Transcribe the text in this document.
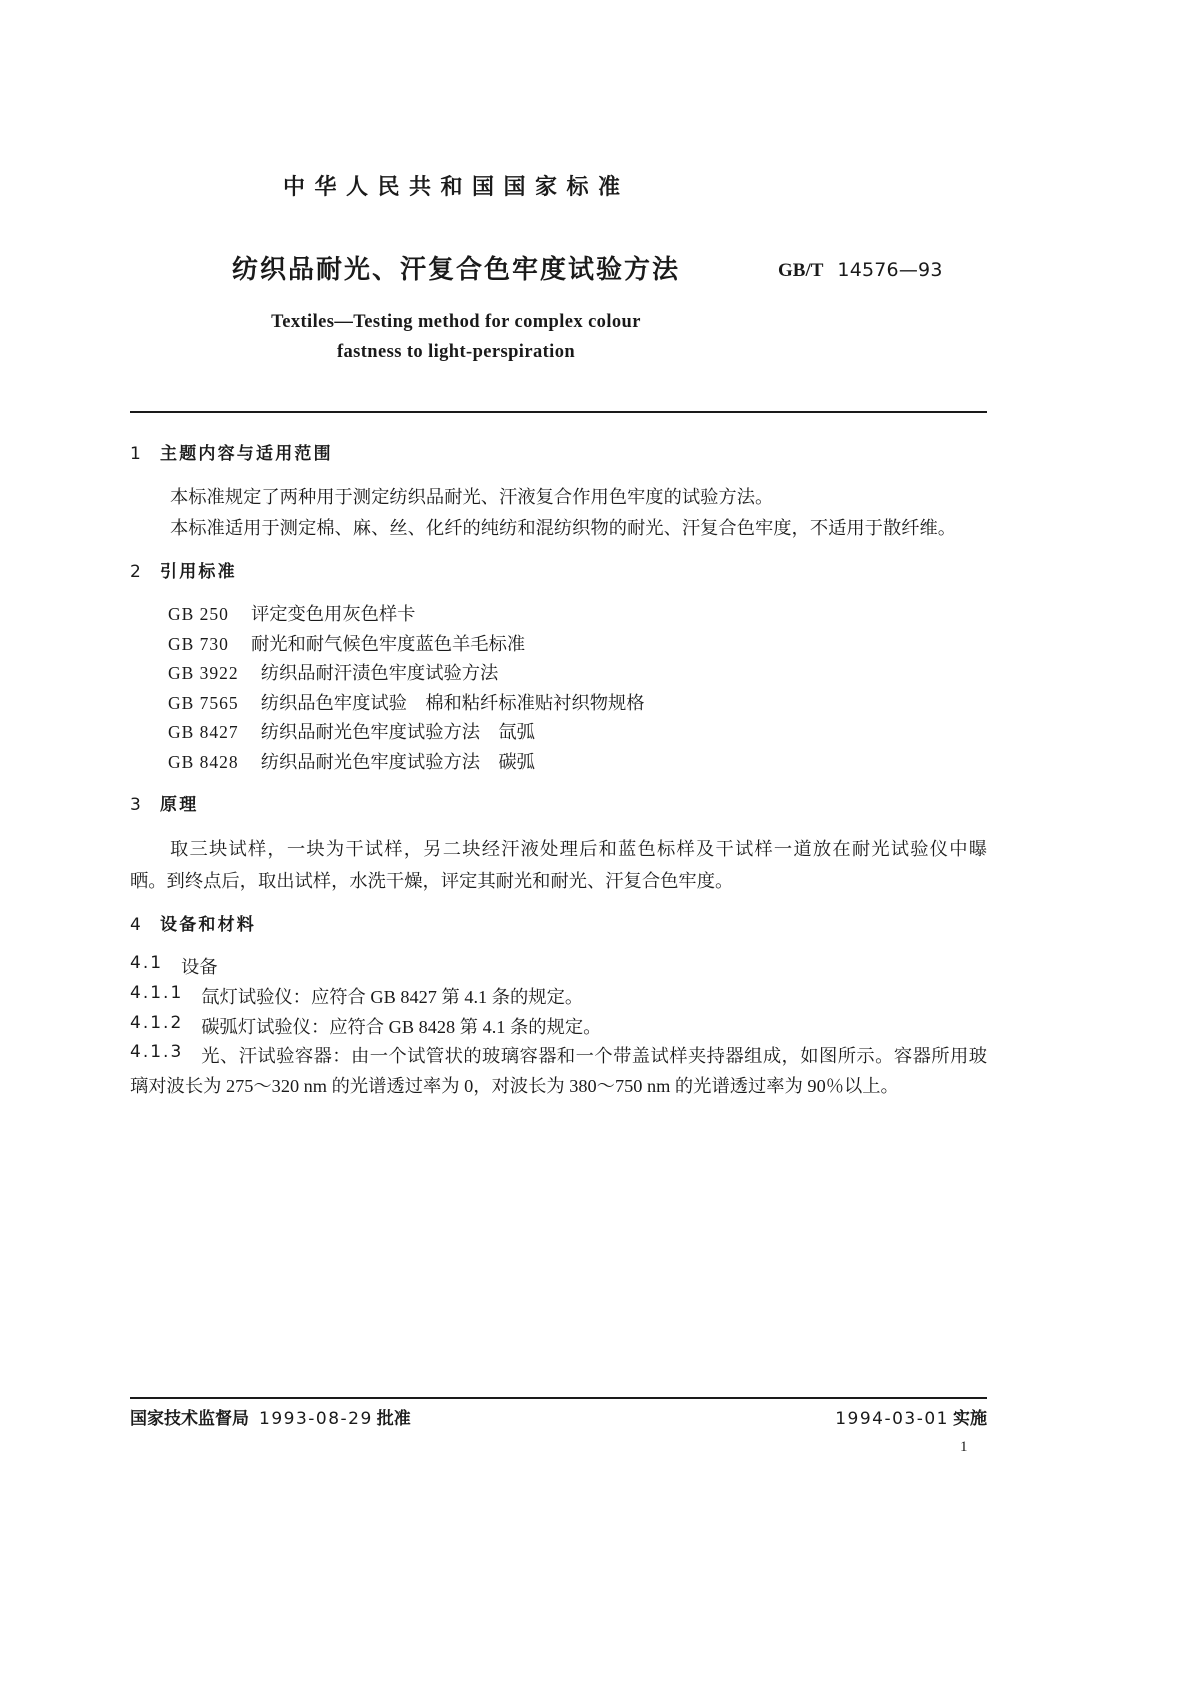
中华人民共和国国家标准
纺织品耐光、汗复合色牢度试验方法	GB/T 14576—93
Textiles—Testing method for complex colour
fastness to light-perspiration
1 主题内容与适用范围
本标准规定了两种用于测定纺织品耐光、汗液复合作用色牢度的试验方法。
本标准适用于测定棉、麻、丝、化纤的纯纺和混纺织物的耐光、汗复合色牢度，不适用于散纤维。
2 引用标准
GB 250 评定变色用灰色样卡
GB 730 耐光和耐气候色牢度蓝色羊毛标准
GB 3922 纺织品耐汗渍色牢度试验方法
GB 7565 纺织品色牢度试验　棉和粘纤标准贴衬织物规格
GB 8427 纺织品耐光色牢度试验方法　氙弧
GB 8428 纺织品耐光色牢度试验方法　碳弧
3 原理
取三块试样，一块为干试样，另二块经汗液处理后和蓝色标样及干试样一道放在耐光试验仪中曝
晒。到终点后，取出试样，水洗干燥，评定其耐光和耐光、汗复合色牢度。
4 设备和材料
4.1 设备
4.1.1 氙灯试验仪：应符合 GB 8427 第 4.1 条的规定。
4.1.2 碳弧灯试验仪：应符合 GB 8428 第 4.1 条的规定。
4.1.3 光、汗试验容器：由一个试管状的玻璃容器和一个带盖试样夹持器组成，如图所示。容器所用玻
璃对波长为 275～320 nm 的光谱透过率为 0，对波长为 380～750 nm 的光谱透过率为 90％以上。
国家技术监督局 1993-08-29 批准	1994-03-01 实施
1
